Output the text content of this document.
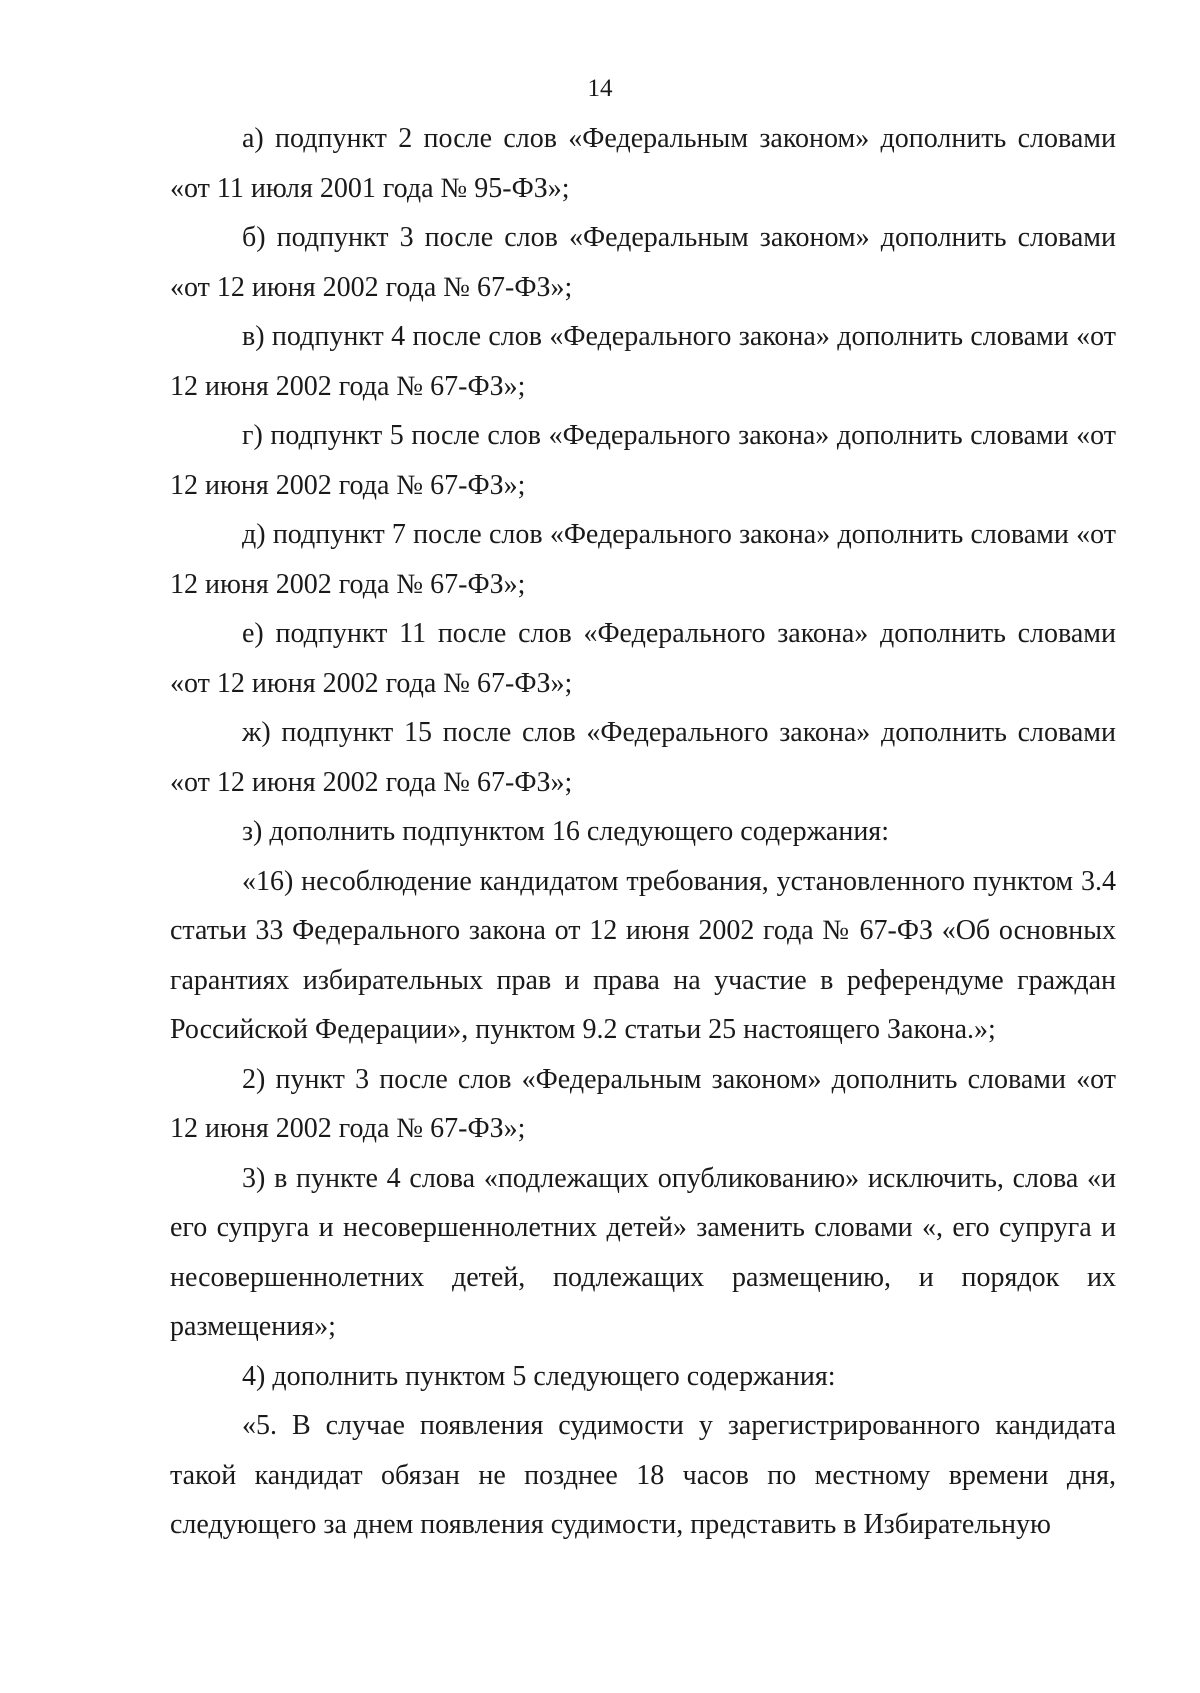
14

а) подпункт 2 после слов «Федеральным законом» дополнить словами «от 11 июля 2001 года № 95-ФЗ»;

б) подпункт 3 после слов «Федеральным законом» дополнить словами «от 12 июня 2002 года № 67-ФЗ»;

в) подпункт 4 после слов «Федерального закона» дополнить словами «от 12 июня 2002 года № 67-ФЗ»;

г) подпункт 5 после слов «Федерального закона» дополнить словами «от 12 июня 2002 года № 67-ФЗ»;

д) подпункт 7 после слов «Федерального закона» дополнить словами «от 12 июня 2002 года № 67-ФЗ»;

е) подпункт 11 после слов «Федерального закона» дополнить словами «от 12 июня 2002 года № 67-ФЗ»;

ж) подпункт 15 после слов «Федерального закона» дополнить словами «от 12 июня 2002 года № 67-ФЗ»;

з) дополнить подпунктом 16 следующего содержания:

«16) несоблюдение кандидатом требования, установленного пунктом 3.4 статьи 33 Федерального закона от 12 июня 2002 года № 67-ФЗ «Об основных гарантиях избирательных прав и права на участие в референдуме граждан Российской Федерации», пунктом 9.2 статьи 25 настоящего Закона.»;

2) пункт 3 после слов «Федеральным законом» дополнить словами «от 12 июня 2002 года № 67-ФЗ»;

3) в пункте 4 слова «подлежащих опубликованию» исключить, слова «и его супруга и несовершеннолетних детей» заменить словами «, его супруга и несовершеннолетних детей, подлежащих размещению, и порядок их размещения»;

4) дополнить пунктом 5 следующего содержания:

«5. В случае появления судимости у зарегистрированного кандидата такой кандидат обязан не позднее 18 часов по местному времени дня, следующего за днем появления судимости, представить в Избирательную
